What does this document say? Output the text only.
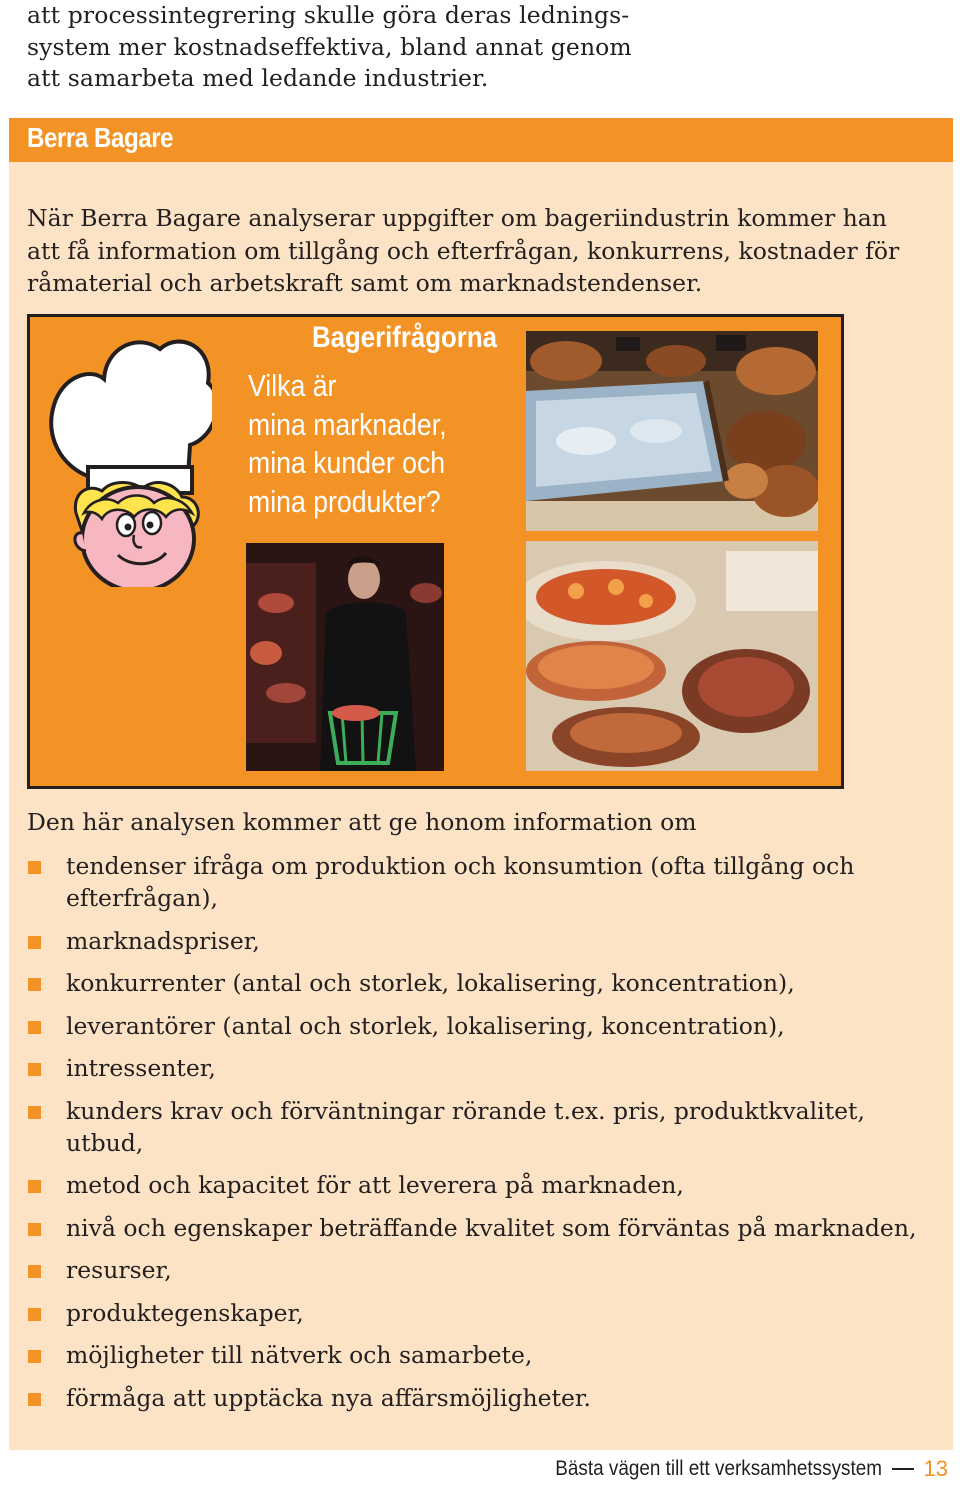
att processintegrering skulle göra deras lednings-

system mer kostnadseffektiva, bland annat genom

att samarbeta med ledande industrier.

Berra Bagare

När Berra Bagare analyserar uppgifter om bageriindustrin kommer han

att få information om tillgång och efterfrågan, konkurrens, kostnader för

råmaterial och arbetskraft samt om marknadstendenser.

Bagerifrågorna
Vilka är
mina marknader,
mina kunder och
mina produkter?
Den här analysen kommer att ge honom information om
tendenser ifråga om produktion och konsumtion (ofta tillgång och efterfrågan),
marknadspriser,
konkurrenter (antal och storlek, lokalisering, koncentration),
leverantörer (antal och storlek, lokalisering, koncentration),
intressenter,
kunders krav och förväntningar rörande t.ex. pris, produktkvalitet, utbud,
metod och kapacitet för att leverera på marknaden,
nivå och egenskaper beträffande kvalitet som förväntas på marknaden,
resurser,
produktegenskaper,
möjligheter till nätverk och samarbete,
förmåga att upptäcka nya affärsmöjligheter.
Bästa vägen till ett verksamhetssystem 13
